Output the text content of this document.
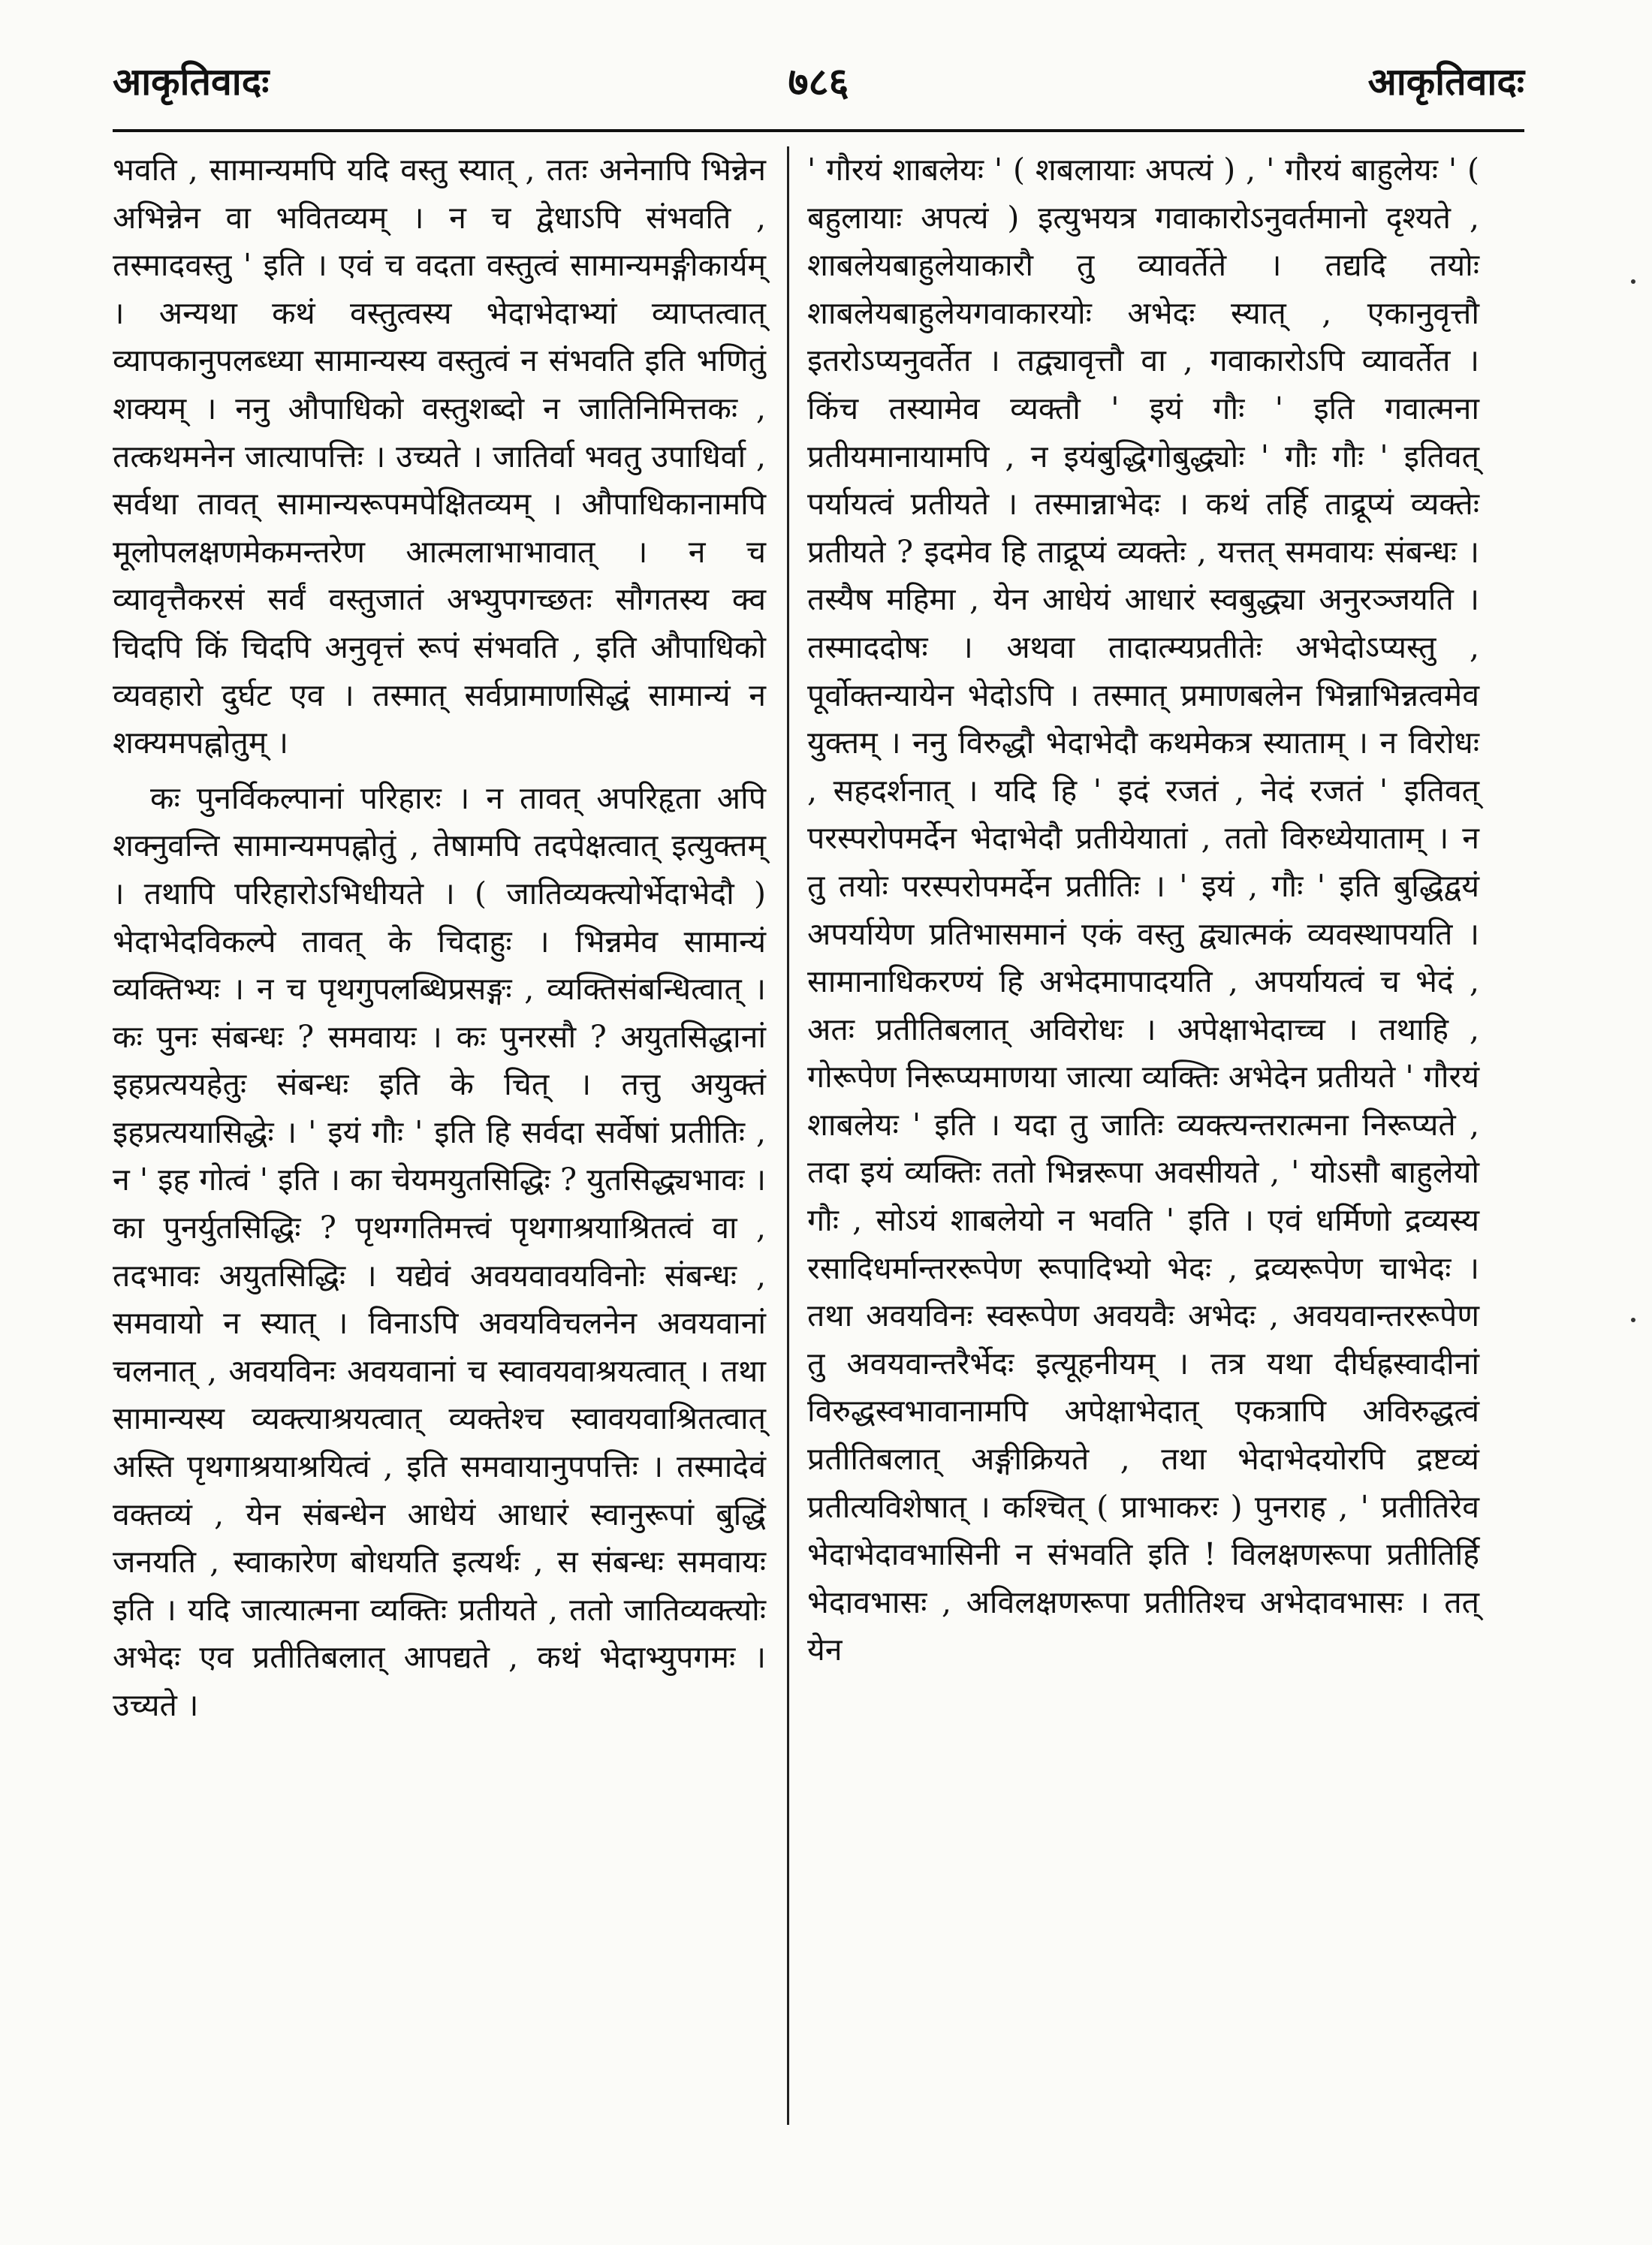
आकृतिवादः	७८६	आकृतिवादः

भवति , सामान्यमपि यदि वस्तु स्यात् , ततः अनेनापि भिन्नेन अभिन्नेन वा भवितव्यम् । न च द्वेधाऽपि संभवति , तस्मादवस्तु ' इति । एवं च वदता वस्तुत्वं सामान्यमङ्गीकार्यम् । अन्यथा कथं वस्तुत्वस्य भेदाभेदाभ्यां व्याप्तत्वात् व्यापकानुपलब्ध्या सामान्यस्य वस्तुत्वं न संभवति इति भणितुं शक्यम् । ननु औपाधिको वस्तुशब्दो न जातिनिमित्तकः , तत्कथमनेन जात्यापत्तिः । उच्यते । जातिर्वा भवतु उपाधिर्वा , सर्वथा तावत् सामान्यरूपमपेक्षितव्यम् । औपाधिकानामपि मूलोपलक्षणमेकमन्तरेण आत्मलाभाभावात् । न च व्यावृत्तैकरसं सर्वं वस्तुजातं अभ्युपगच्छतः सौगतस्य क्व चिदपि किं चिदपि अनुवृत्तं रूपं संभवति , इति औपाधिको व्यवहारो दुर्घट एव । तस्मात् सर्वप्रामाणसिद्धं सामान्यं न शक्यमपह्नोतुम् ।

कः पुनर्विकल्पानां परिहारः । न तावत् अपरिहृता अपि शक्नुवन्ति सामान्यमपह्नोतुं , तेषामपि तदपेक्षत्वात् इत्युक्तम् । तथापि परिहारोऽभिधीयते । ( जातिव्यक्त्योर्भेदाभेदौ ) भेदाभेदविकल्पे तावत् के चिदाहुः । भिन्नमेव सामान्यं व्यक्तिभ्यः । न च पृथगुपलब्धिप्रसङ्गः , व्यक्तिसंबन्धित्वात् । कः पुनः संबन्धः ? समवायः । कः पुनरसौ ? अयुतसिद्धानां इहप्रत्ययहेतुः संबन्धः इति के चित् । तत्तु अयुक्तं इहप्रत्ययासिद्धेः । ' इयं गौः ' इति हि सर्वदा सर्वेषां प्रतीतिः , न ' इह गोत्वं ' इति । का चेयमयुतसिद्धिः ? युतसिद्ध्यभावः । का पुनर्युतसिद्धिः ? पृथग्गतिमत्त्वं पृथगाश्रयाश्रितत्वं वा , तदभावः अयुतसिद्धिः । यद्येवं अवयवावयविनोः संबन्धः , समवायो न स्यात् । विनाऽपि अवयविचलनेन अवयवानां चलनात् , अवयविनः अवयवानां च स्वावयवाश्रयत्वात् । तथा सामान्यस्य व्यक्त्याश्रयत्वात् व्यक्तेश्च स्वावयवाश्रितत्वात् अस्ति पृथगाश्रयाश्रयित्वं , इति समवायानुपपत्तिः । तस्मादेवं वक्तव्यं , येन संबन्धेन आधेयं आधारं स्वानुरूपां बुद्धिं जनयति , स्वाकारेण बोधयति इत्यर्थः , स संबन्धः समवायः इति । यदि जात्यात्मना व्यक्तिः प्रतीयते , ततो जातिव्यक्त्योः अभेदः एव प्रतीतिबलात् आपद्यते , कथं भेदाभ्युपगमः । उच्यते ।

' गौरयं शाबलेयः ' ( शबलायाः अपत्यं ) , ' गौरयं बाहुलेयः ' ( बहुलायाः अपत्यं ) इत्युभयत्र गवाकारोऽनुवर्तमानो दृश्यते , शाबलेयबाहुलेयाकारौ तु व्यावर्तेते । तद्यदि तयोः शाबलेयबाहुलेयगवाकारयोः अभेदः स्यात् , एकानुवृत्तौ इतरोऽप्यनुवर्तेत । तद्व्यावृत्तौ वा , गवाकारोऽपि व्यावर्तेत । किंच तस्यामेव व्यक्तौ ' इयं गौः ' इति गवात्मना प्रतीयमानायामपि , न इयंबुद्धिगोबुद्ध्योः ' गौः गौः ' इतिवत् पर्यायत्वं प्रतीयते । तस्मान्नाभेदः । कथं तर्हि ताद्रूप्यं व्यक्तेः प्रतीयते ? इदमेव हि ताद्रूप्यं व्यक्तेः , यत्तत् समवायः संबन्धः । तस्यैष महिमा , येन आधेयं आधारं स्वबुद्ध्या अनुरञ्जयति । तस्माददोषः । अथवा तादात्म्यप्रतीतेः अभेदोऽप्यस्तु , पूर्वोक्तन्यायेन भेदोऽपि । तस्मात् प्रमाणबलेन भिन्नाभिन्नत्वमेव युक्तम् । ननु विरुद्धौ भेदाभेदौ कथमेकत्र स्याताम् । न विरोधः , सहदर्शनात् । यदि हि ' इदं रजतं , नेदं रजतं ' इतिवत् परस्परोपमर्देन भेदाभेदौ प्रतीयेयातां , ततो विरुध्येयाताम् । न तु तयोः परस्परोपमर्देन प्रतीतिः । ' इयं , गौः ' इति बुद्धिद्वयं अपर्यायेण प्रतिभासमानं एकं वस्तु द्व्यात्मकं व्यवस्थापयति । सामानाधिकरण्यं हि अभेदमापादयति , अपर्यायत्वं च भेदं , अतः प्रतीतिबलात् अविरोधः । अपेक्षाभेदाच्च । तथाहि , गोरूपेण निरूप्यमाणया जात्या व्यक्तिः अभेदेन प्रतीयते ' गौरयं शाबलेयः ' इति । यदा तु जातिः व्यक्त्यन्तरात्मना निरूप्यते , तदा इयं व्यक्तिः ततो भिन्नरूपा अवसीयते , ' योऽसौ बाहुलेयो गौः , सोऽयं शाबलेयो न भवति ' इति । एवं धर्मिणो द्रव्यस्य रसादिधर्मान्तररूपेण रूपादिभ्यो भेदः , द्रव्यरूपेण चाभेदः । तथा अवयविनः स्वरूपेण अवयवैः अभेदः , अवयवान्तररूपेण तु अवयवान्तरैर्भेदः इत्यूहनीयम् । तत्र यथा दीर्घह्रस्वादीनां विरुद्धस्वभावानामपि अपेक्षाभेदात् एकत्रापि अविरुद्धत्वं प्रतीतिबलात् अङ्गीक्रियते , तथा भेदाभेदयोरपि द्रष्टव्यं प्रतीत्यविशेषात् । कश्चित् ( प्राभाकरः ) पुनराह , ' प्रतीतिरेव भेदाभेदावभासिनी न संभवति इति ! विलक्षणरूपा प्रतीतिर्हि भेदावभासः , अविलक्षणरूपा प्रतीतिश्च अभेदावभासः । तत् येन
